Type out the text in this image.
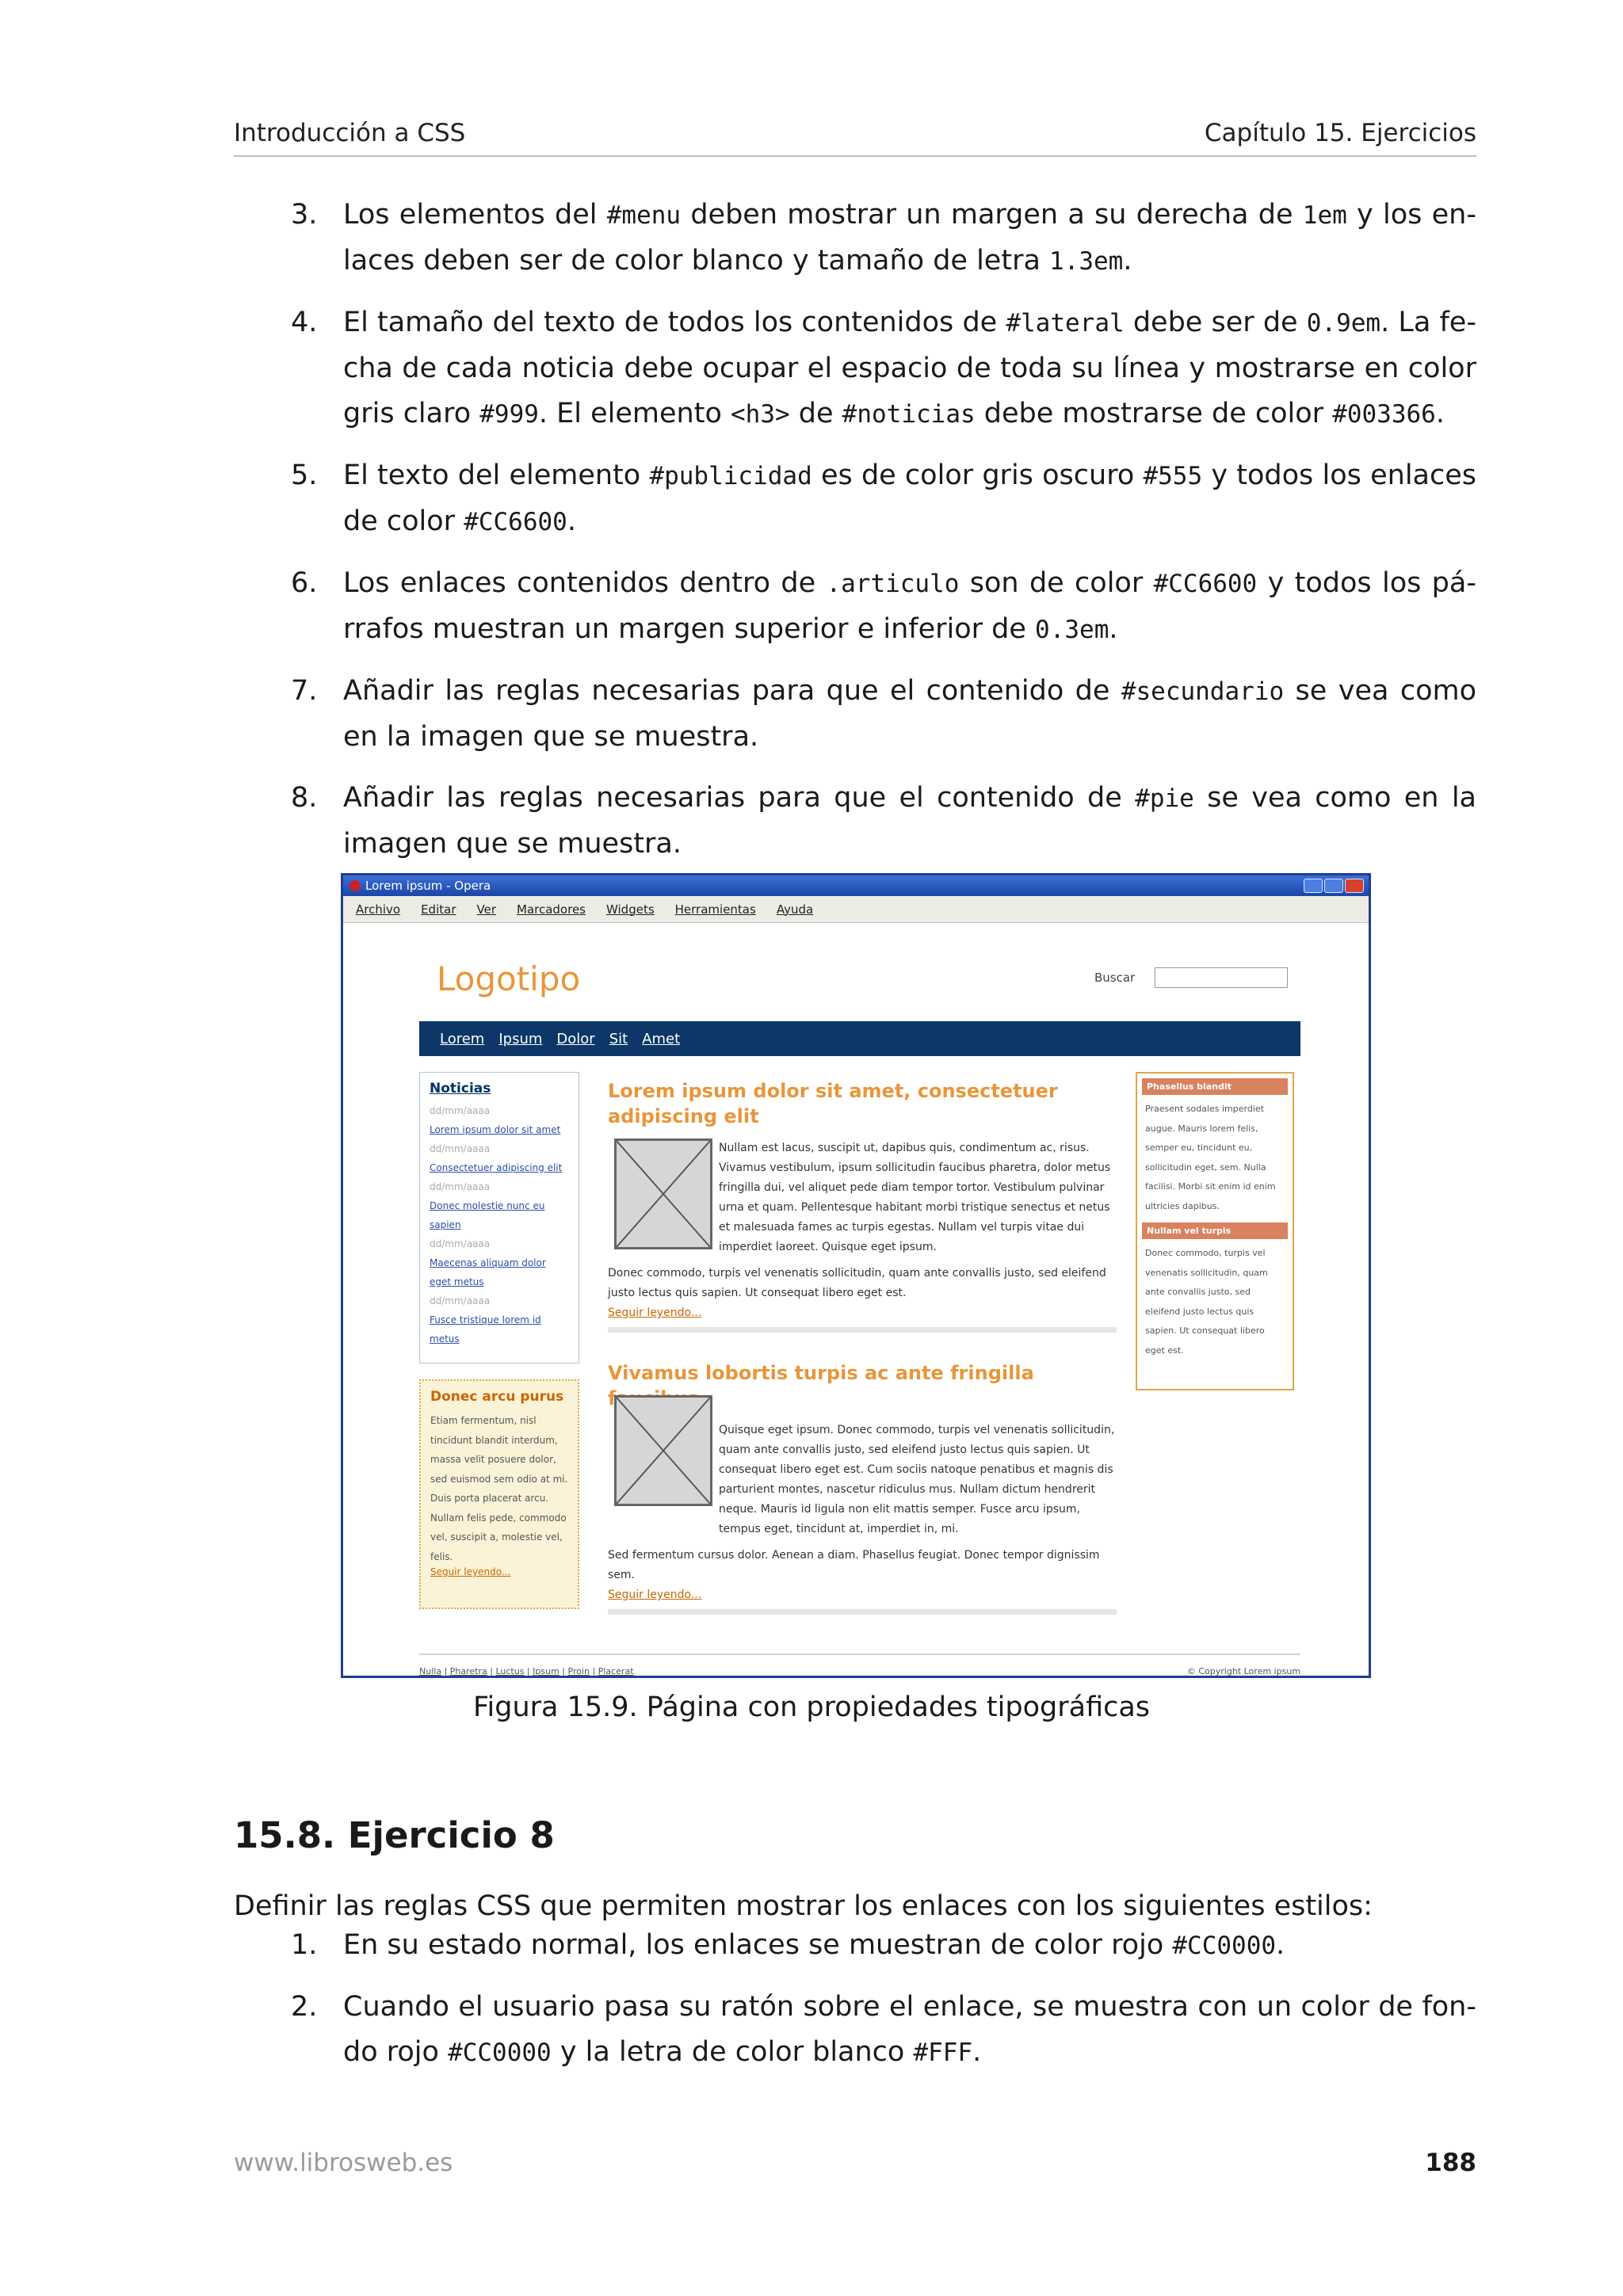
Introducción a CSS	Capítulo 15. Ejercicios
3. Los elementos del #menu deben mostrar un margen a su derecha de 1em y los enlaces deben ser de color blanco y tamaño de letra 1.3em.
4. El tamaño del texto de todos los contenidos de #lateral debe ser de 0.9em. La fecha de cada noticia debe ocupar el espacio de toda su línea y mostrarse en color gris claro #999. El elemento <h3> de #noticias debe mostrarse de color #003366.
5. El texto del elemento #publicidad es de color gris oscuro #555 y todos los enlaces de color #CC6600.
6. Los enlaces contenidos dentro de .articulo son de color #CC6600 y todos los párrafos muestran un margen superior e inferior de 0.3em.
7. Añadir las reglas necesarias para que el contenido de #secundario se vea como en la imagen que se muestra.
8. Añadir las reglas necesarias para que el contenido de #pie se vea como en la imagen que se muestra.
Lorem ipsum - Opera
Archivo Editar Ver Marcadores Widgets Herramientas Ayuda
Logotipo	Buscar
Lorem Ipsum Dolor Sit Amet
Noticias
dd/mm/aaaa
Lorem ipsum dolor sit amet
dd/mm/aaaa
Consectetuer adipiscing elit
dd/mm/aaaa
Donec molestie nunc eu sapien
dd/mm/aaaa
Maecenas aliquam dolor eget metus
dd/mm/aaaa
Fusce tristique lorem id metus
Donec arcu purus
Etiam fermentum, nisl tincidunt blandit interdum, massa velit posuere dolor, sed euismod sem odio at mi. Duis porta placerat arcu. Nullam felis pede, commodo vel, suscipit a, molestie vel, felis.
Seguir leyendo...
Lorem ipsum dolor sit amet, consectetuer adipiscing elit
Nullam est lacus, suscipit ut, dapibus quis, condimentum ac, risus. Vivamus vestibulum, ipsum sollicitudin faucibus pharetra, dolor metus fringilla dui, vel aliquet pede diam tempor tortor. Vestibulum pulvinar urna et quam. Pellentesque habitant morbi tristique senectus et netus et malesuada fames ac turpis egestas. Nullam vel turpis vitae dui imperdiet laoreet. Quisque eget ipsum.
Donec commodo, turpis vel venenatis sollicitudin, quam ante convallis justo, sed eleifend justo lectus quis sapien. Ut consequat libero eget est.
Seguir leyendo...
Vivamus lobortis turpis ac ante fringilla faucibus
Quisque eget ipsum. Donec commodo, turpis vel venenatis sollicitudin, quam ante convallis justo, sed eleifend justo lectus quis sapien. Ut consequat libero eget est. Cum sociis natoque penatibus et magnis dis parturient montes, nascetur ridiculus mus. Nullam dictum hendrerit neque. Mauris id ligula non elit mattis semper. Fusce arcu ipsum, tempus eget, tincidunt at, imperdiet in, mi.
Sed fermentum cursus dolor. Aenean a diam. Phasellus feugiat. Donec tempor dignissim sem.
Seguir leyendo...
Phasellus blandit
Praesent sodales imperdiet augue. Mauris lorem felis, semper eu, tincidunt eu, sollicitudin eget, sem. Nulla facilisi. Morbi sit enim id enim ultricies dapibus.
Nullam vel turpis
Donec commodo, turpis vel venenatis sollicitudin, quam ante convallis justo, sed eleifend justo lectus quis sapien. Ut consequat libero eget est.
Nulla | Pharetra | Luctus | Ipsum | Proin | Placerat	© Copyright Lorem ipsum
Figura 15.9. Página con propiedades tipográficas
15.8. Ejercicio 8
Definir las reglas CSS que permiten mostrar los enlaces con los siguientes estilos:
1. En su estado normal, los enlaces se muestran de color rojo #CC0000.
2. Cuando el usuario pasa su ratón sobre el enlace, se muestra con un color de fondo rojo #CC0000 y la letra de color blanco #FFF.
www.librosweb.es	188
